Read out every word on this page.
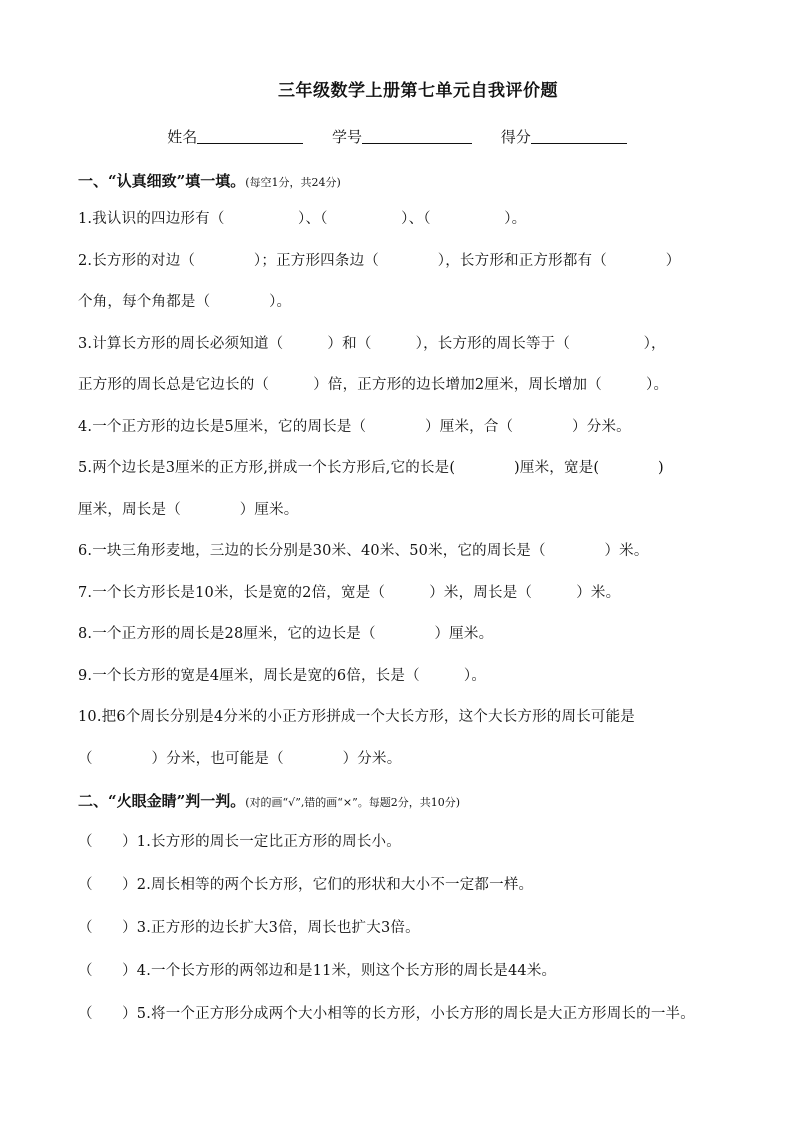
三年级数学上册第七单元自我评价题
姓名	学号	得分
一、“认真细致”填一填。(每空1分，共24分)
1.我认识的四边形有（　　　　　）、（　　　　　）、（　　　　　）。
2.长方形的对边（　　　　）；正方形四条边（　　　　），长方形和正方形都有（　　　　）
个角，每个角都是（　　　　）。
3.计算长方形的周长必须知道（　　　）和（　　　），长方形的周长等于（　　　　　），
正方形的周长总是它边长的（　　　）倍，正方形的边长增加2厘米，周长增加（　　　）。
4.一个正方形的边长是5厘米，它的周长是（　　　　）厘米，合（　　　　）分米。
5.两个边长是3厘米的正方形,拼成一个长方形后,它的长是(　　　　)厘米，宽是(　　　　)
厘米，周长是（　　　　）厘米。
6.一块三角形麦地，三边的长分别是30米、40米、50米，它的周长是（　　　　）米。
7.一个长方形长是10米，长是宽的2倍，宽是（　　　）米，周长是（　　　）米。
8.一个正方形的周长是28厘米，它的边长是（　　　　）厘米。
9.一个长方形的宽是4厘米，周长是宽的6倍，长是（　　　）。
10.把6个周长分别是4分米的小正方形拼成一个大长方形，这个大长方形的周长可能是
（　　　　）分米，也可能是（　　　　）分米。
二、“火眼金睛”判一判。(对的画“√”,错的画“×”。每题2分，共10分)
（　　）1.长方形的周长一定比正方形的周长小。
（　　）2.周长相等的两个长方形，它们的形状和大小不一定都一样。
（　　）3.正方形的边长扩大3倍，周长也扩大3倍。
（　　）4.一个长方形的两邻边和是11米，则这个长方形的周长是44米。
（　　）5.将一个正方形分成两个大小相等的长方形，小长方形的周长是大正方形周长的一半。
